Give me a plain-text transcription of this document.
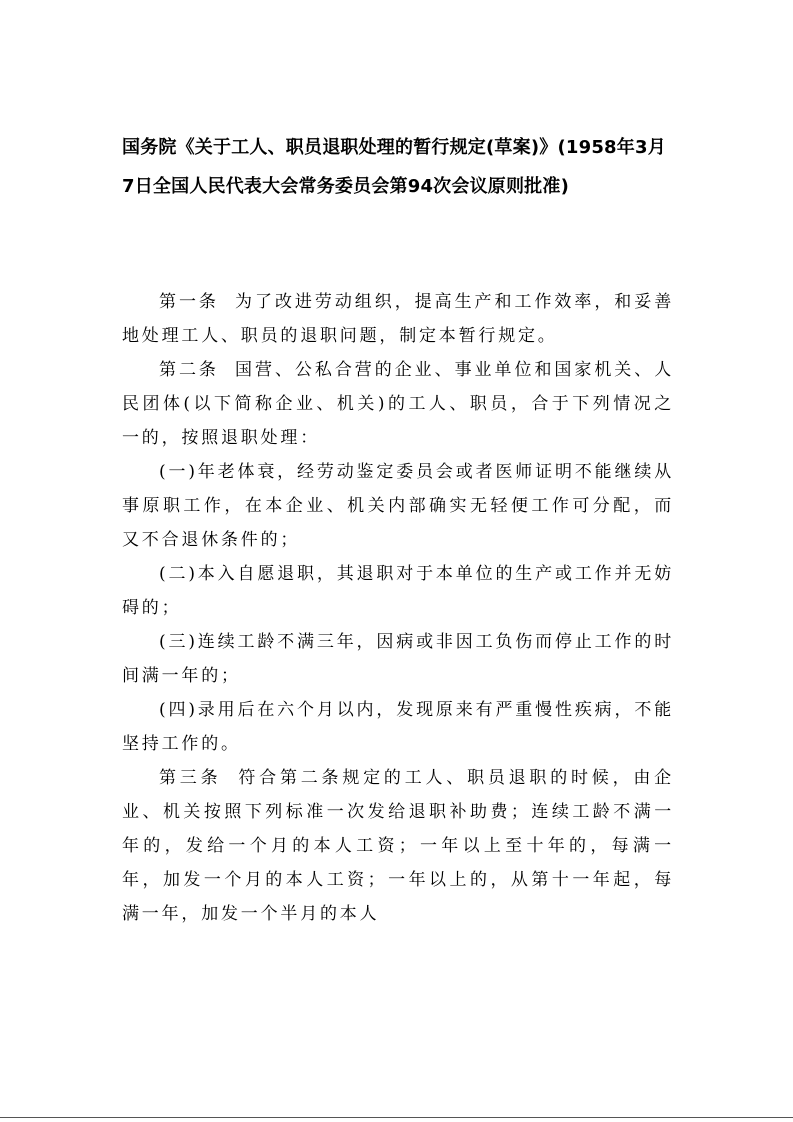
国务院《关于工人、职员退职处理的暂行规定(草案)》(1958年3月
7日全国人民代表大会常务委员会第94次会议原则批准)

第一条 为了改进劳动组织，提高生产和工作效率，和妥善地处理工人、职员的退职问题，制定本暂行规定。

第二条 国营、公私合营的企业、事业单位和国家机关、人民团体(以下简称企业、机关)的工人、职员，合于下列情况之一的，按照退职处理：

(一)年老体衰，经劳动鉴定委员会或者医师证明不能继续从事原职工作，在本企业、机关内部确实无轻便工作可分配，而又不合退休条件的；

(二)本入自愿退职，其退职对于本单位的生产或工作并无妨碍的；

(三)连续工龄不满三年，因病或非因工负伤而停止工作的时间满一年的；

(四)录用后在六个月以内，发现原来有严重慢性疾病，不能坚持工作的。

第三条 符合第二条规定的工人、职员退职的时候，由企业、机关按照下列标准一次发给退职补助费；连续工龄不满一年的，发给一个月的本人工资；一年以上至十年的，每满一年，加发一个月的本人工资；一年以上的，从第十一年起，每满一年，加发一个半月的本人
